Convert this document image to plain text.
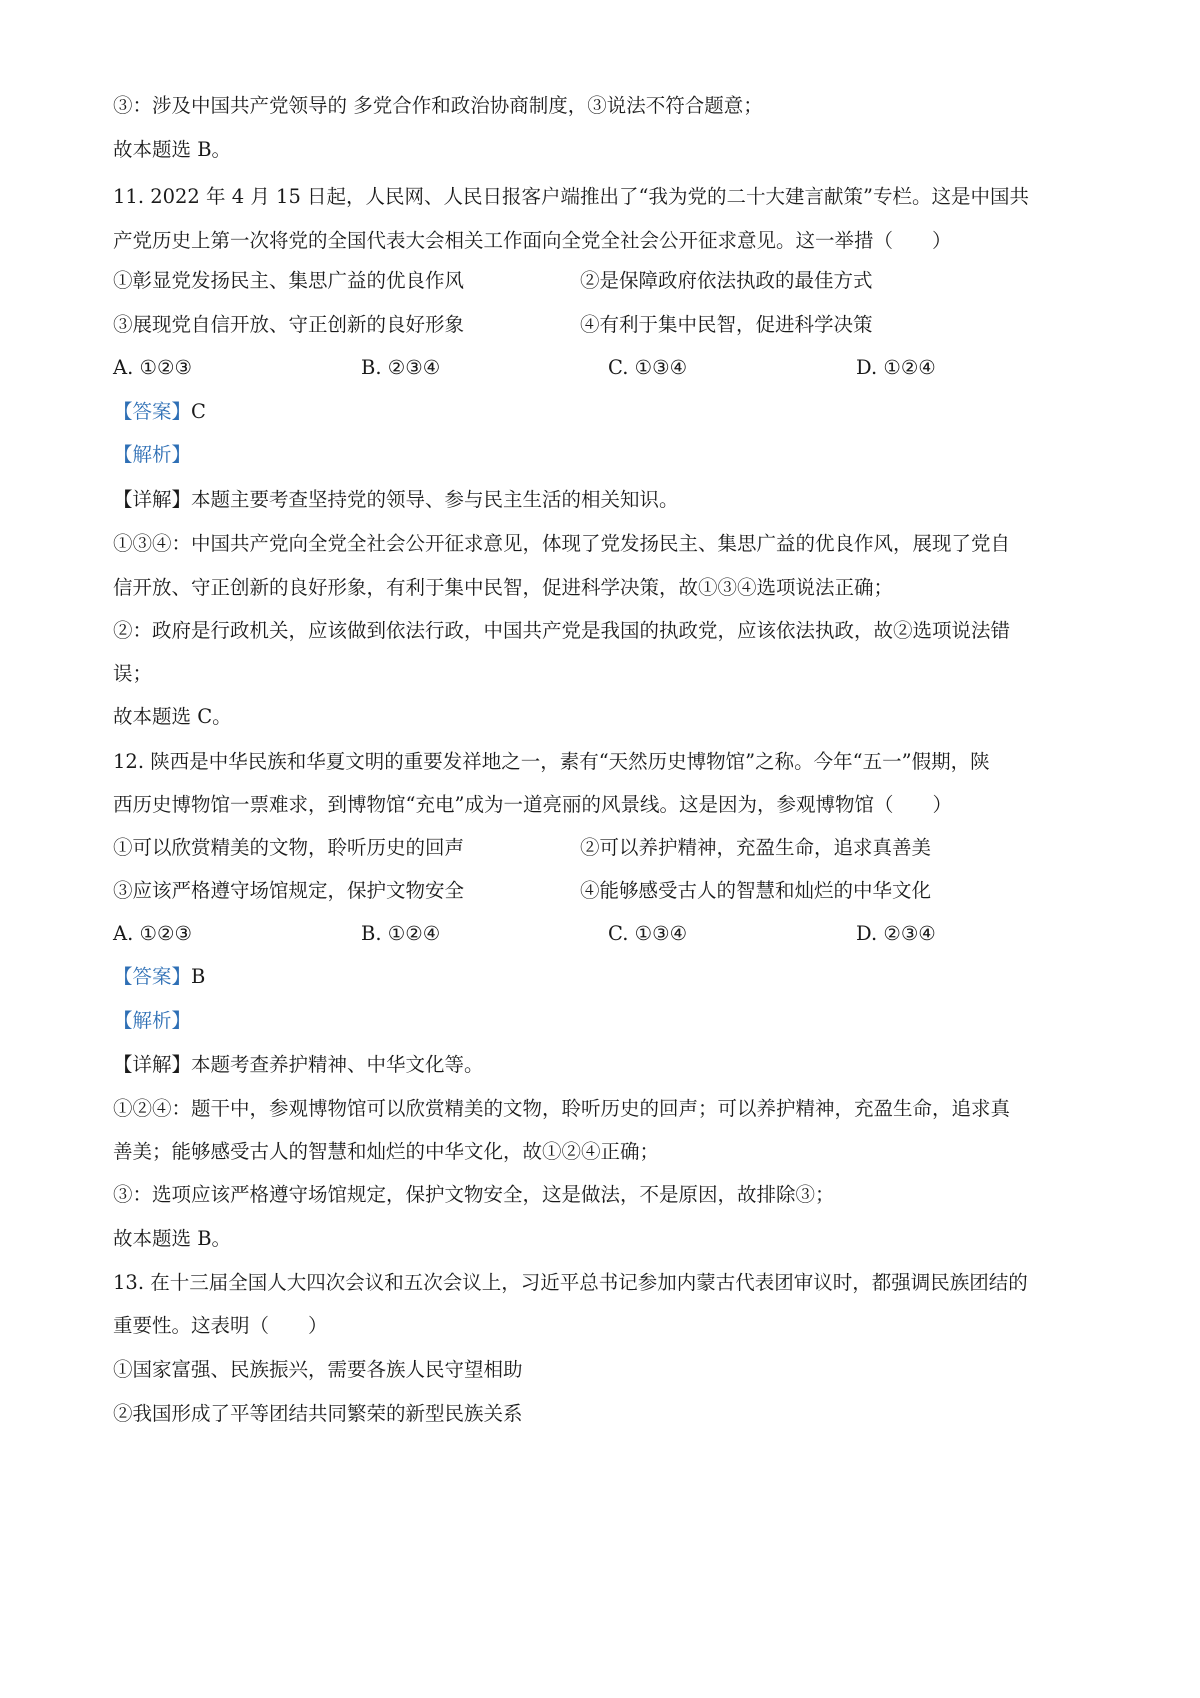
③：涉及中国共产党领导的 多党合作和政治协商制度，③说法不符合题意；
故本题选 B。
11. 2022 年 4 月 15 日起，人民网、人民日报客户端推出了“我为党的二十大建言献策”专栏。这是中国共
产党历史上第一次将党的全国代表大会相关工作面向全党全社会公开征求意见。这一举措（　　）
①彰显党发扬民主、集思广益的优良作风	②是保障政府依法执政的最佳方式
③展现党自信开放、守正创新的良好形象	④有利于集中民智，促进科学决策
A. ①②③	B. ②③④	C. ①③④	D. ①②④
【答案】C
【解析】
【详解】本题主要考查坚持党的领导、参与民主生活的相关知识。
①③④：中国共产党向全党全社会公开征求意见，体现了党发扬民主、集思广益的优良作风，展现了党自
信开放、守正创新的良好形象，有利于集中民智，促进科学决策，故①③④选项说法正确；
②：政府是行政机关，应该做到依法行政，中国共产党是我国的执政党，应该依法执政，故②选项说法错
误；
故本题选 C。
12. 陕西是中华民族和华夏文明的重要发祥地之一，素有“天然历史博物馆”之称。今年“五一”假期，陕
西历史博物馆一票难求，到博物馆“充电”成为一道亮丽的风景线。这是因为，参观博物馆（　　）
①可以欣赏精美的文物，聆听历史的回声	②可以养护精神，充盈生命，追求真善美
③应该严格遵守场馆规定，保护文物安全	④能够感受古人的智慧和灿烂的中华文化
A. ①②③	B. ①②④	C. ①③④	D. ②③④
【答案】B
【解析】
【详解】本题考查养护精神、中华文化等。
①②④：题干中，参观博物馆可以欣赏精美的文物，聆听历史的回声；可以养护精神，充盈生命，追求真
善美；能够感受古人的智慧和灿烂的中华文化，故①②④正确；
③：选项应该严格遵守场馆规定，保护文物安全，这是做法，不是原因，故排除③；
故本题选 B。
13. 在十三届全国人大四次会议和五次会议上，习近平总书记参加内蒙古代表团审议时，都强调民族团结的
重要性。这表明（　　）
①国家富强、民族振兴，需要各族人民守望相助
②我国形成了平等团结共同繁荣的新型民族关系
